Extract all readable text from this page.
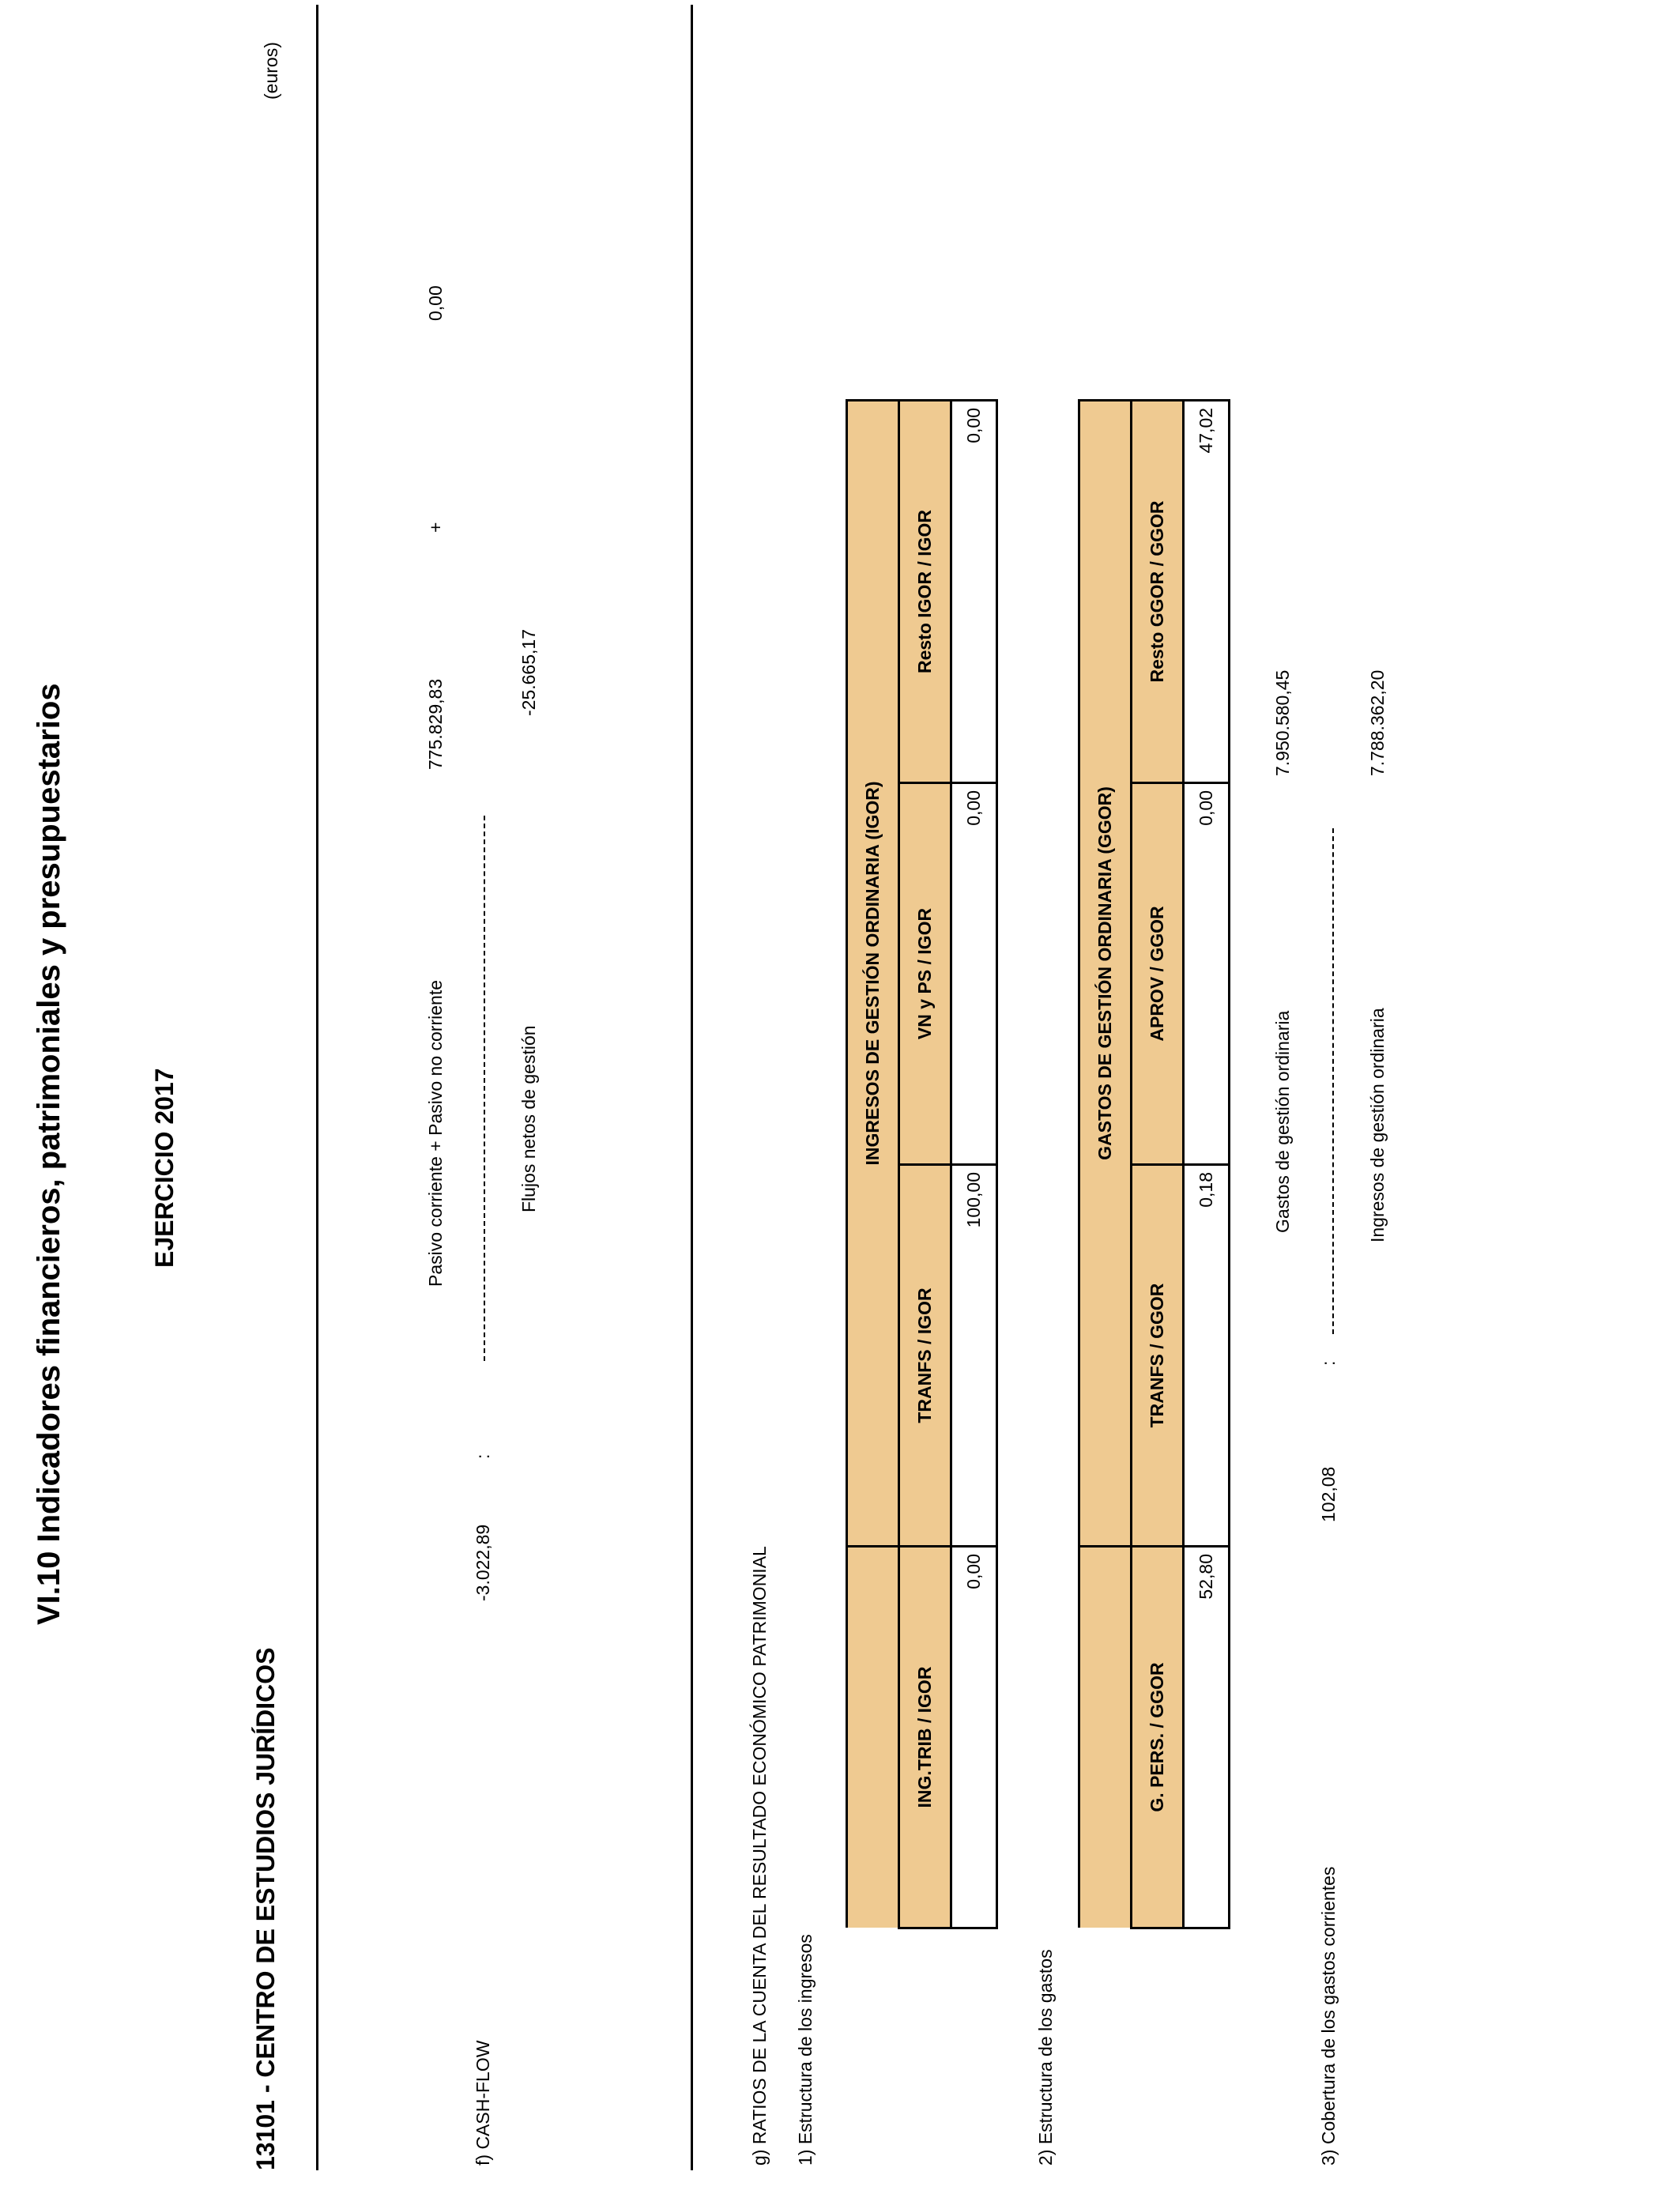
VI.10 Indicadores financieros, patrimoniales y presupuestarios	EJERCICIO 2017
13101 - CENTRO DE ESTUDIOS JURÍDICOS
(euros)
f) CASH-FLOW
-3.022,89
:
Pasivo corriente + Pasivo no corriente
775.829,83
+
0,00
Flujos netos de gestión
-25.665,17
g) RATIOS DE LA CUENTA DEL RESULTADO ECONÓMICO PATRIMONIAL 1) Estructura de los ingresos
	INGRESOS DE GESTIÓN ORDINARIA (IGOR)		
ING.TRIB / IGOR	TRANFS / IGOR	VN y PS / IGOR	Resto IGOR / IGOR
0,00	100,00	0,00	0,00
2) Estructura de los gastos
	GASTOS DE GESTIÓN ORDINARIA (GGOR)		
G. PERS. / GGOR	TRANFS / GGOR	APROV / GGOR	Resto GGOR / GGOR
52,80	0,18	0,00	47,02
3) Cobertura de los gastos corrientes
102,08
:
Gastos de gestión ordinaria
7.950.580,45
Ingresos de gestión ordinaria
7.788.362,20
